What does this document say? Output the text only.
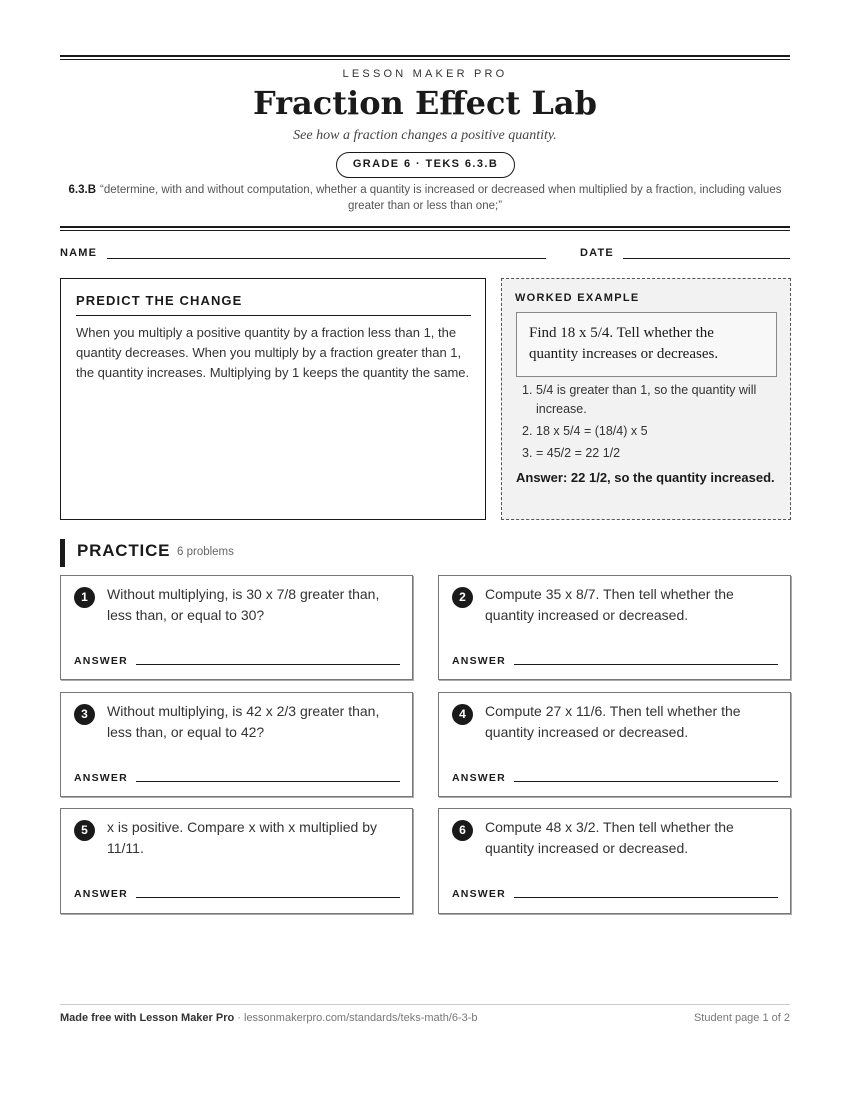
LESSON MAKER PRO
Fraction Effect Lab
See how a fraction changes a positive quantity.
GRADE 6 · TEKS 6.3.B
6.3.B “determine, with and without computation, whether a quantity is increased or decreased when multiplied by a fraction, including values greater than or less than one;”
NAME	DATE
PREDICT THE CHANGE
When you multiply a positive quantity by a fraction less than 1, the quantity decreases. When you multiply by a fraction greater than 1, the quantity increases. Multiplying by 1 keeps the quantity the same.
WORKED EXAMPLE
Find 18 x 5/4. Tell whether the quantity increases or decreases.
1. 5/4 is greater than 1, so the quantity will increase.
2. 18 x 5/4 = (18/4) x 5
3. = 45/2 = 22 1/2
Answer: 22 1/2, so the quantity increased.
PRACTICE 6 problems
1	Without multiplying, is 30 x 7/8 greater than, less than, or equal to 30?
ANSWER
2	Compute 35 x 8/7. Then tell whether the quantity increased or decreased.
ANSWER
3	Without multiplying, is 42 x 2/3 greater than, less than, or equal to 42?
ANSWER
4	Compute 27 x 11/6. Then tell whether the quantity increased or decreased.
ANSWER
5	x is positive. Compare x with x multiplied by 11/11.
ANSWER
6	Compute 48 x 3/2. Then tell whether the quantity increased or decreased.
ANSWER
Made free with Lesson Maker Pro · lessonmakerpro.com/standards/teks-math/6-3-b	Student page 1 of 2
